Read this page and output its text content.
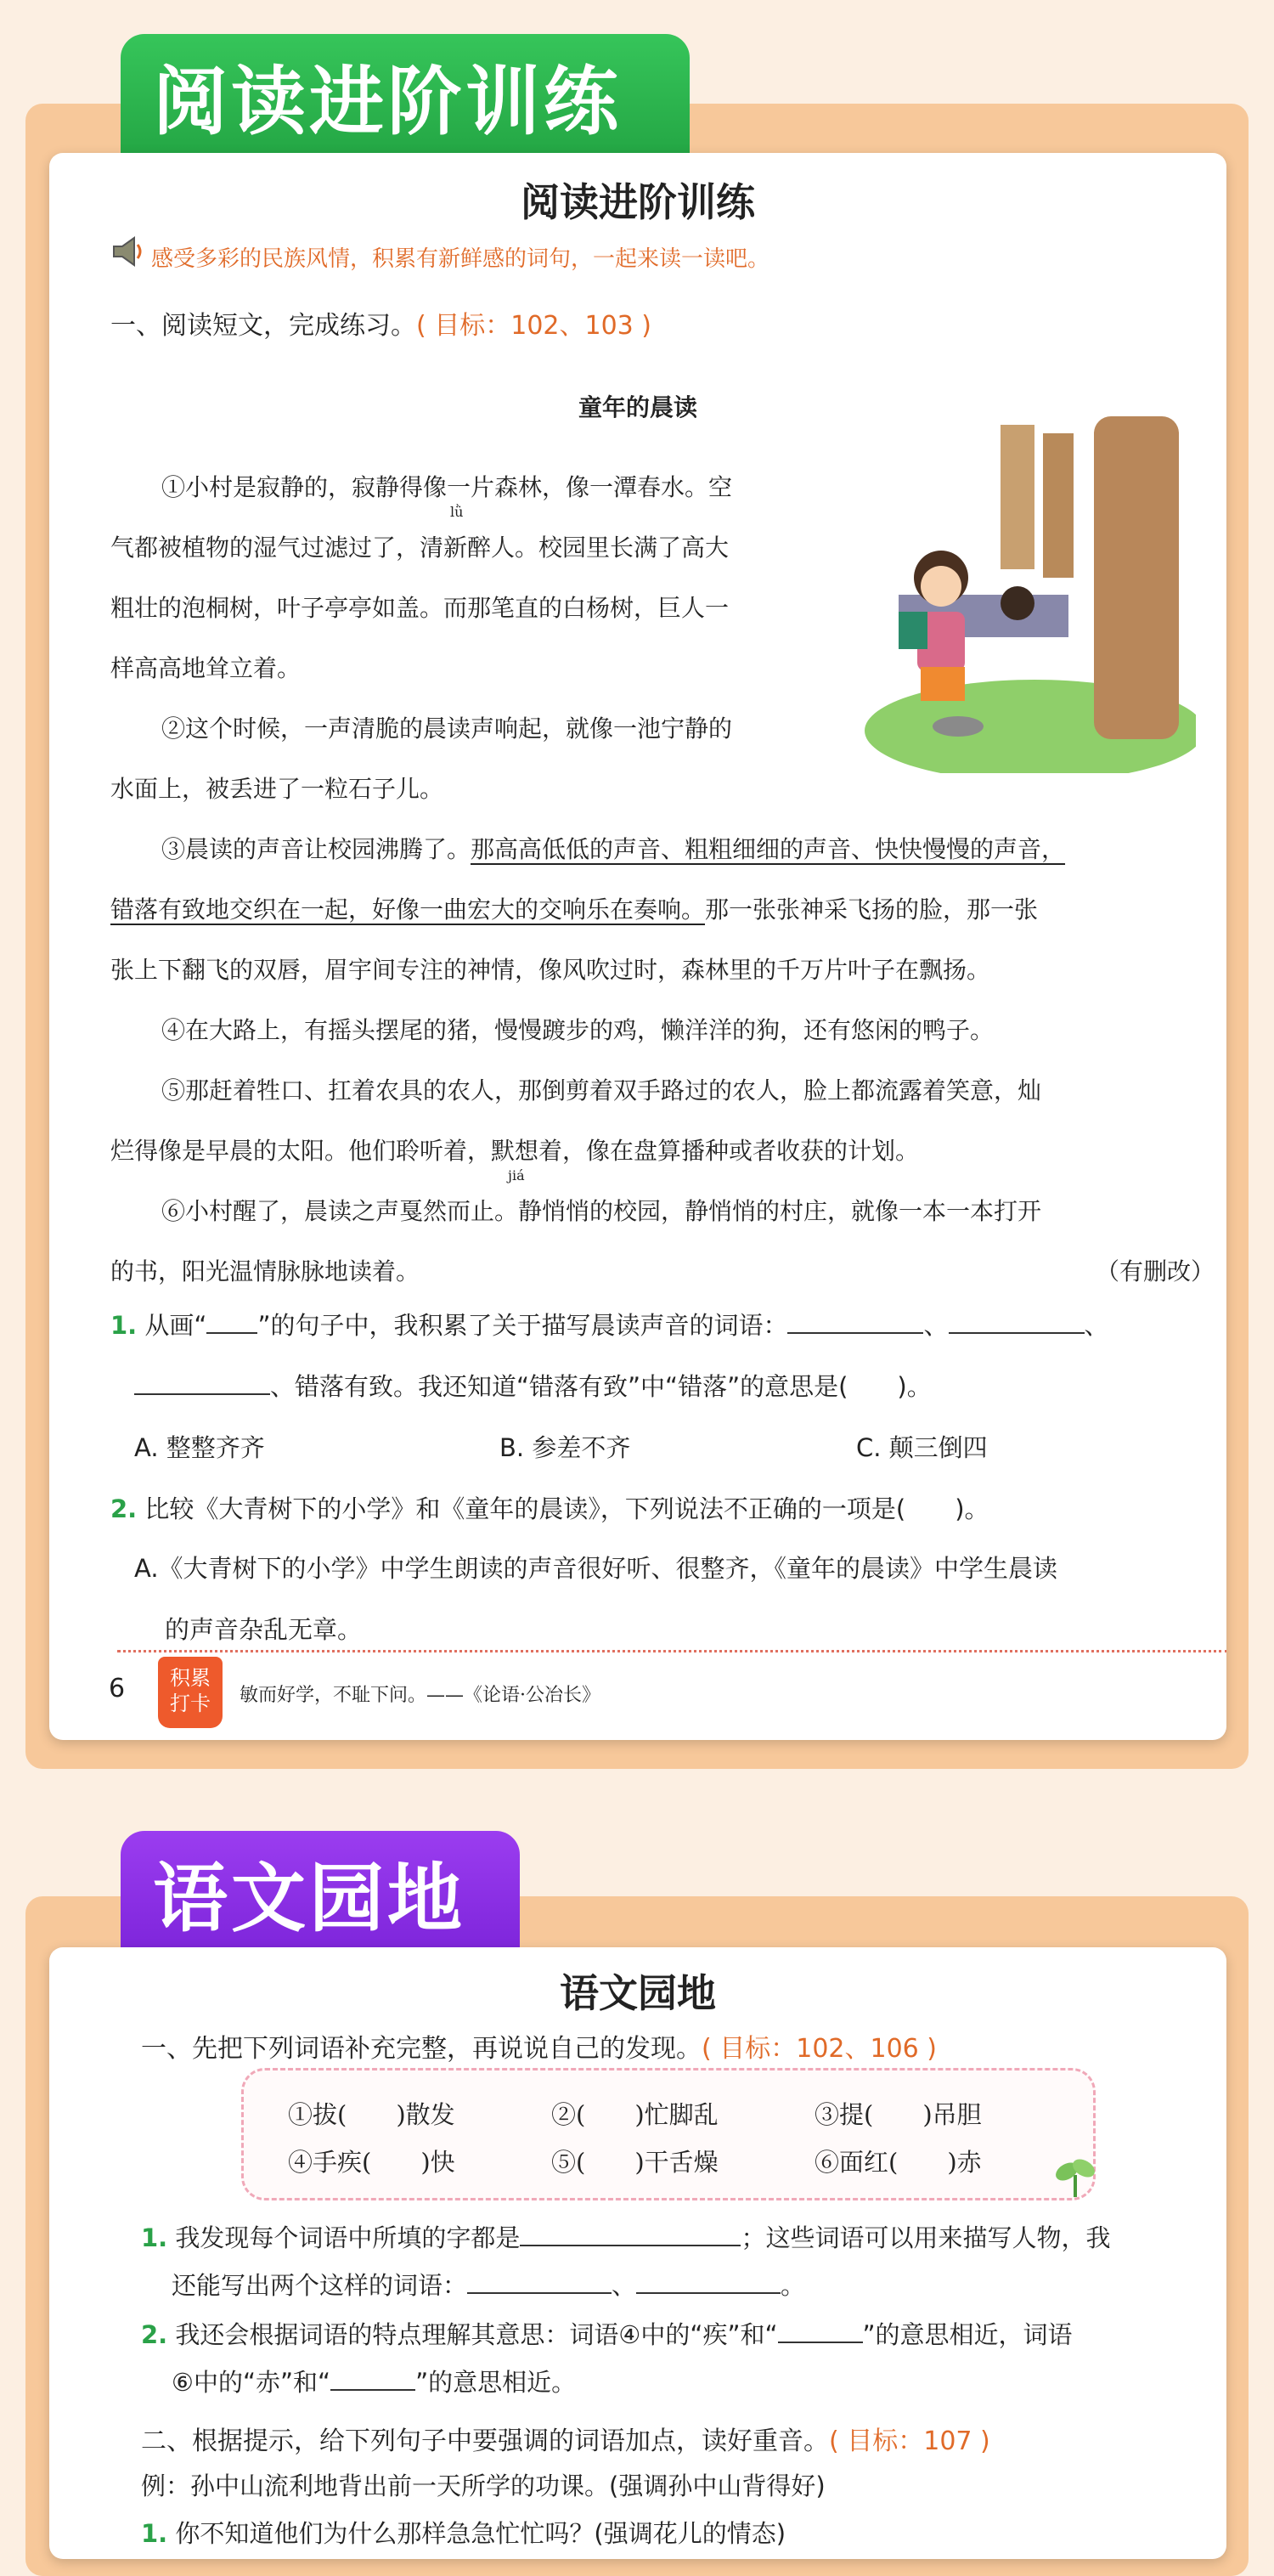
阅读进阶训练
阅读进阶训练
感受多彩的民族风情，积累有新鲜感的词句，一起来读一读吧。
一、阅读短文，完成练习。( 目标：102、103 )
童年的晨读
①小村是寂静的，寂静得像一片森林，像一潭春水。空
lǜ
气都被植物的湿气过滤过了，清新醉人。校园里长满了高大
粗壮的泡桐树，叶子亭亭如盖。而那笔直的白杨树，巨人一
样高高地耸立着。
②这个时候，一声清脆的晨读声响起，就像一池宁静的
水面上，被丢进了一粒石子儿。
③晨读的声音让校园沸腾了。那高高低低的声音、粗粗细细的声音、快快慢慢的声音，
错落有致地交织在一起，好像一曲宏大的交响乐在奏响。那一张张神采飞扬的脸，那一张
张上下翻飞的双唇，眉宇间专注的神情，像风吹过时，森林里的千万片叶子在飘扬。
④在大路上，有摇头摆尾的猪，慢慢踱步的鸡，懒洋洋的狗，还有悠闲的鸭子。
⑤那赶着牲口、扛着农具的农人，那倒剪着双手路过的农人，脸上都流露着笑意，灿
烂得像是早晨的太阳。他们聆听着，默想着，像在盘算播种或者收获的计划。
jiá
⑥小村醒了，晨读之声戛然而止。静悄悄的校园，静悄悄的村庄，就像一本一本打开
的书，阳光温情脉脉地读着。	（有删改）
1. 从画“ ”的句子中，我积累了关于描写晨读声音的词语：	、	、
、错落有致。我还知道“错落有致”中“错落”的意思是(　　)。
A. 整整齐齐	B. 参差不齐	C. 颠三倒四
2. 比较《大青树下的小学》和《童年的晨读》，下列说法不正确的一项是(　　)。
A.《大青树下的小学》中学生朗读的声音很好听、很整齐，《童年的晨读》中学生晨读
的声音杂乱无章。
6	积累
打卡	敏而好学，不耻下问。——《论语·公冶长》
语文园地
语文园地
一、先把下列词语补充完整，再说说自己的发现。( 目标：102、106 )
①拔(　　)散发	②(　　)忙脚乱	③提(　　)吊胆
④手疾(　　)快	⑤(　　)干舌燥	⑥面红(　　)赤
1. 我发现每个词语中所填的字都是	；这些词语可以用来描写人物，我
还能写出两个这样的词语：	、	。
2. 我还会根据词语的特点理解其意思：词语④中的“疾”和“	”的意思相近，词语
⑥中的“赤”和“	”的意思相近。
二、根据提示，给下列句子中要强调的词语加点，读好重音。( 目标：107 )
例：孙中山流利地背出前一天所学的功课。(强调孙中山背得好)
1. 你不知道他们为什么那样急急忙忙吗？(强调花儿的情态)
